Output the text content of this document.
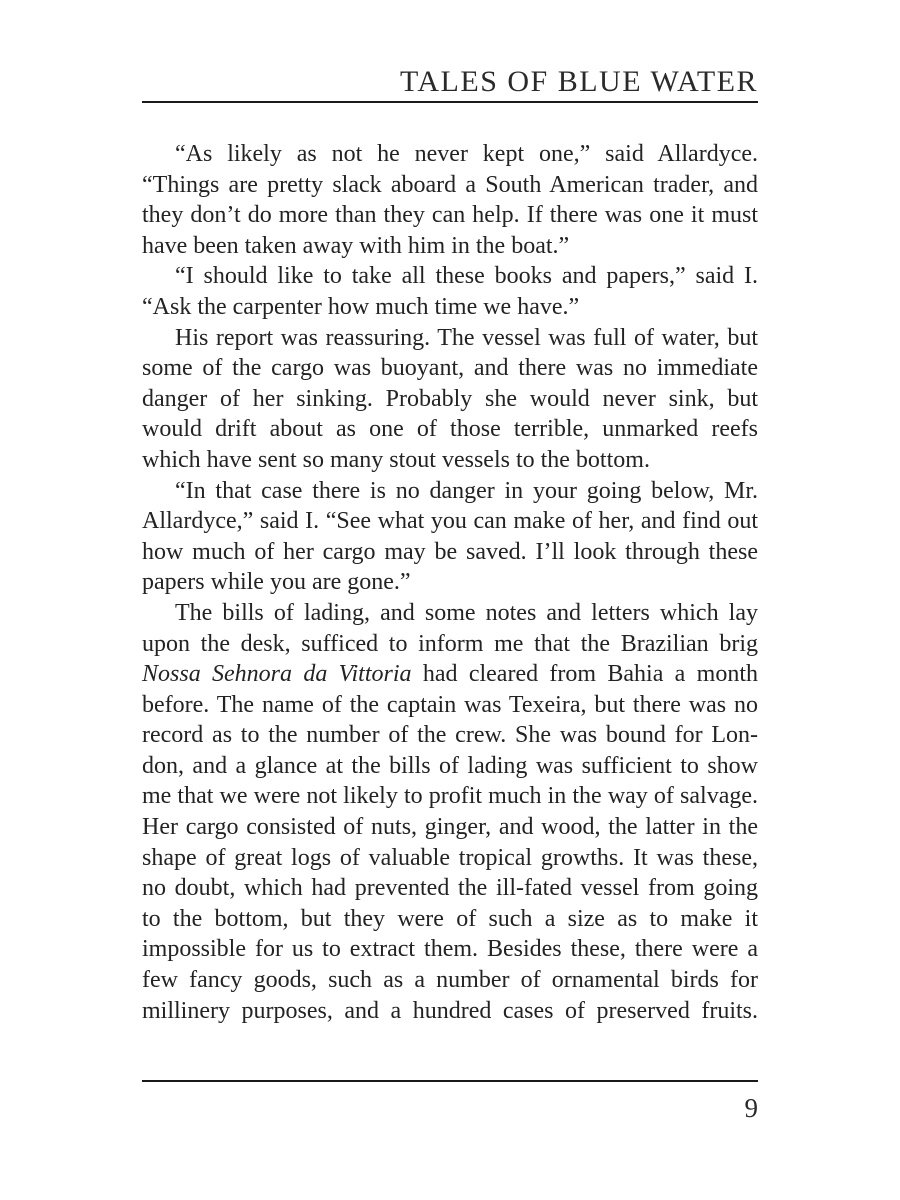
TALES OF BLUE WATER

“As likely as not he never kept one,” said Allardyce. “Things are pretty slack aboard a South American trader, and they don’t do more than they can help. If there was one it must have been taken away with him in the boat.”

“I should like to take all these books and papers,” said I. “Ask the carpenter how much time we have.”

His report was reassuring. The vessel was full of water, but some of the cargo was buoyant, and there was no immediate danger of her sinking. Probably she would never sink, but would drift about as one of those terrible, unmarked reefs which have sent so many stout vessels to the bottom.

“In that case there is no danger in your going below, Mr. Allardyce,” said I. “See what you can make of her, and find out how much of her cargo may be saved. I’ll look through these papers while you are gone.”

The bills of lading, and some notes and letters which lay upon the desk, sufficed to inform me that the Brazilian brig Nossa Sehnora da Vittoria had cleared from Bahia a month before. The name of the captain was Texeira, but there was no record as to the number of the crew. She was bound for London, and a glance at the bills of lading was sufficient to show me that we were not likely to profit much in the way of salvage. Her cargo consisted of nuts, ginger, and wood, the latter in the shape of great logs of valuable tropical growths. It was these, no doubt, which had prevented the ill-fated vessel from going to the bottom, but they were of such a size as to make it impossible for us to extract them. Besides these, there were a few fancy goods, such as a number of ornamental birds for millinery purposes, and a hundred cases of preserved fruits.

9
